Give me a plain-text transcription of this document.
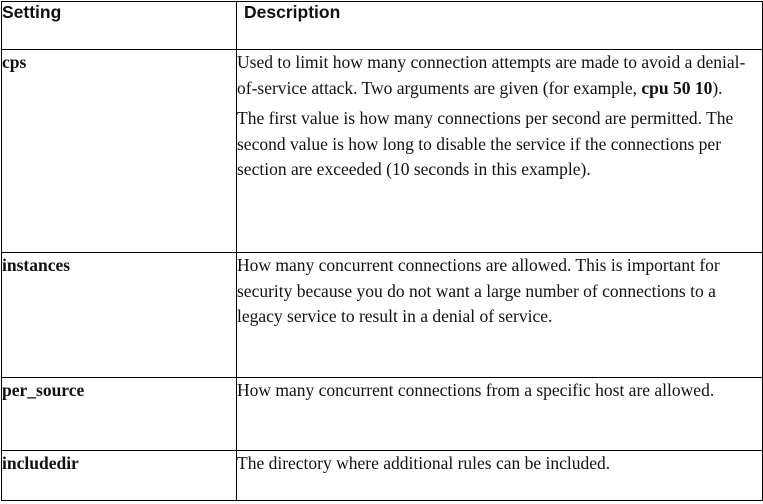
Setting	Description
cps	Used to limit how many connection attempts are made to avoid a denial-of-service attack. Two arguments are given (for example, cpu 50 10).

The first value is how many connections per second are permitted. The second value is how long to disable the service if the connections per section are exceeded (10 seconds in this example).

instances	How many concurrent connections are allowed. This is important for security because you do not want a large number of connections to a legacy service to result in a denial of service.

per_source	How many concurrent connections from a specific host are allowed.

includedir	The directory where additional rules can be included.
